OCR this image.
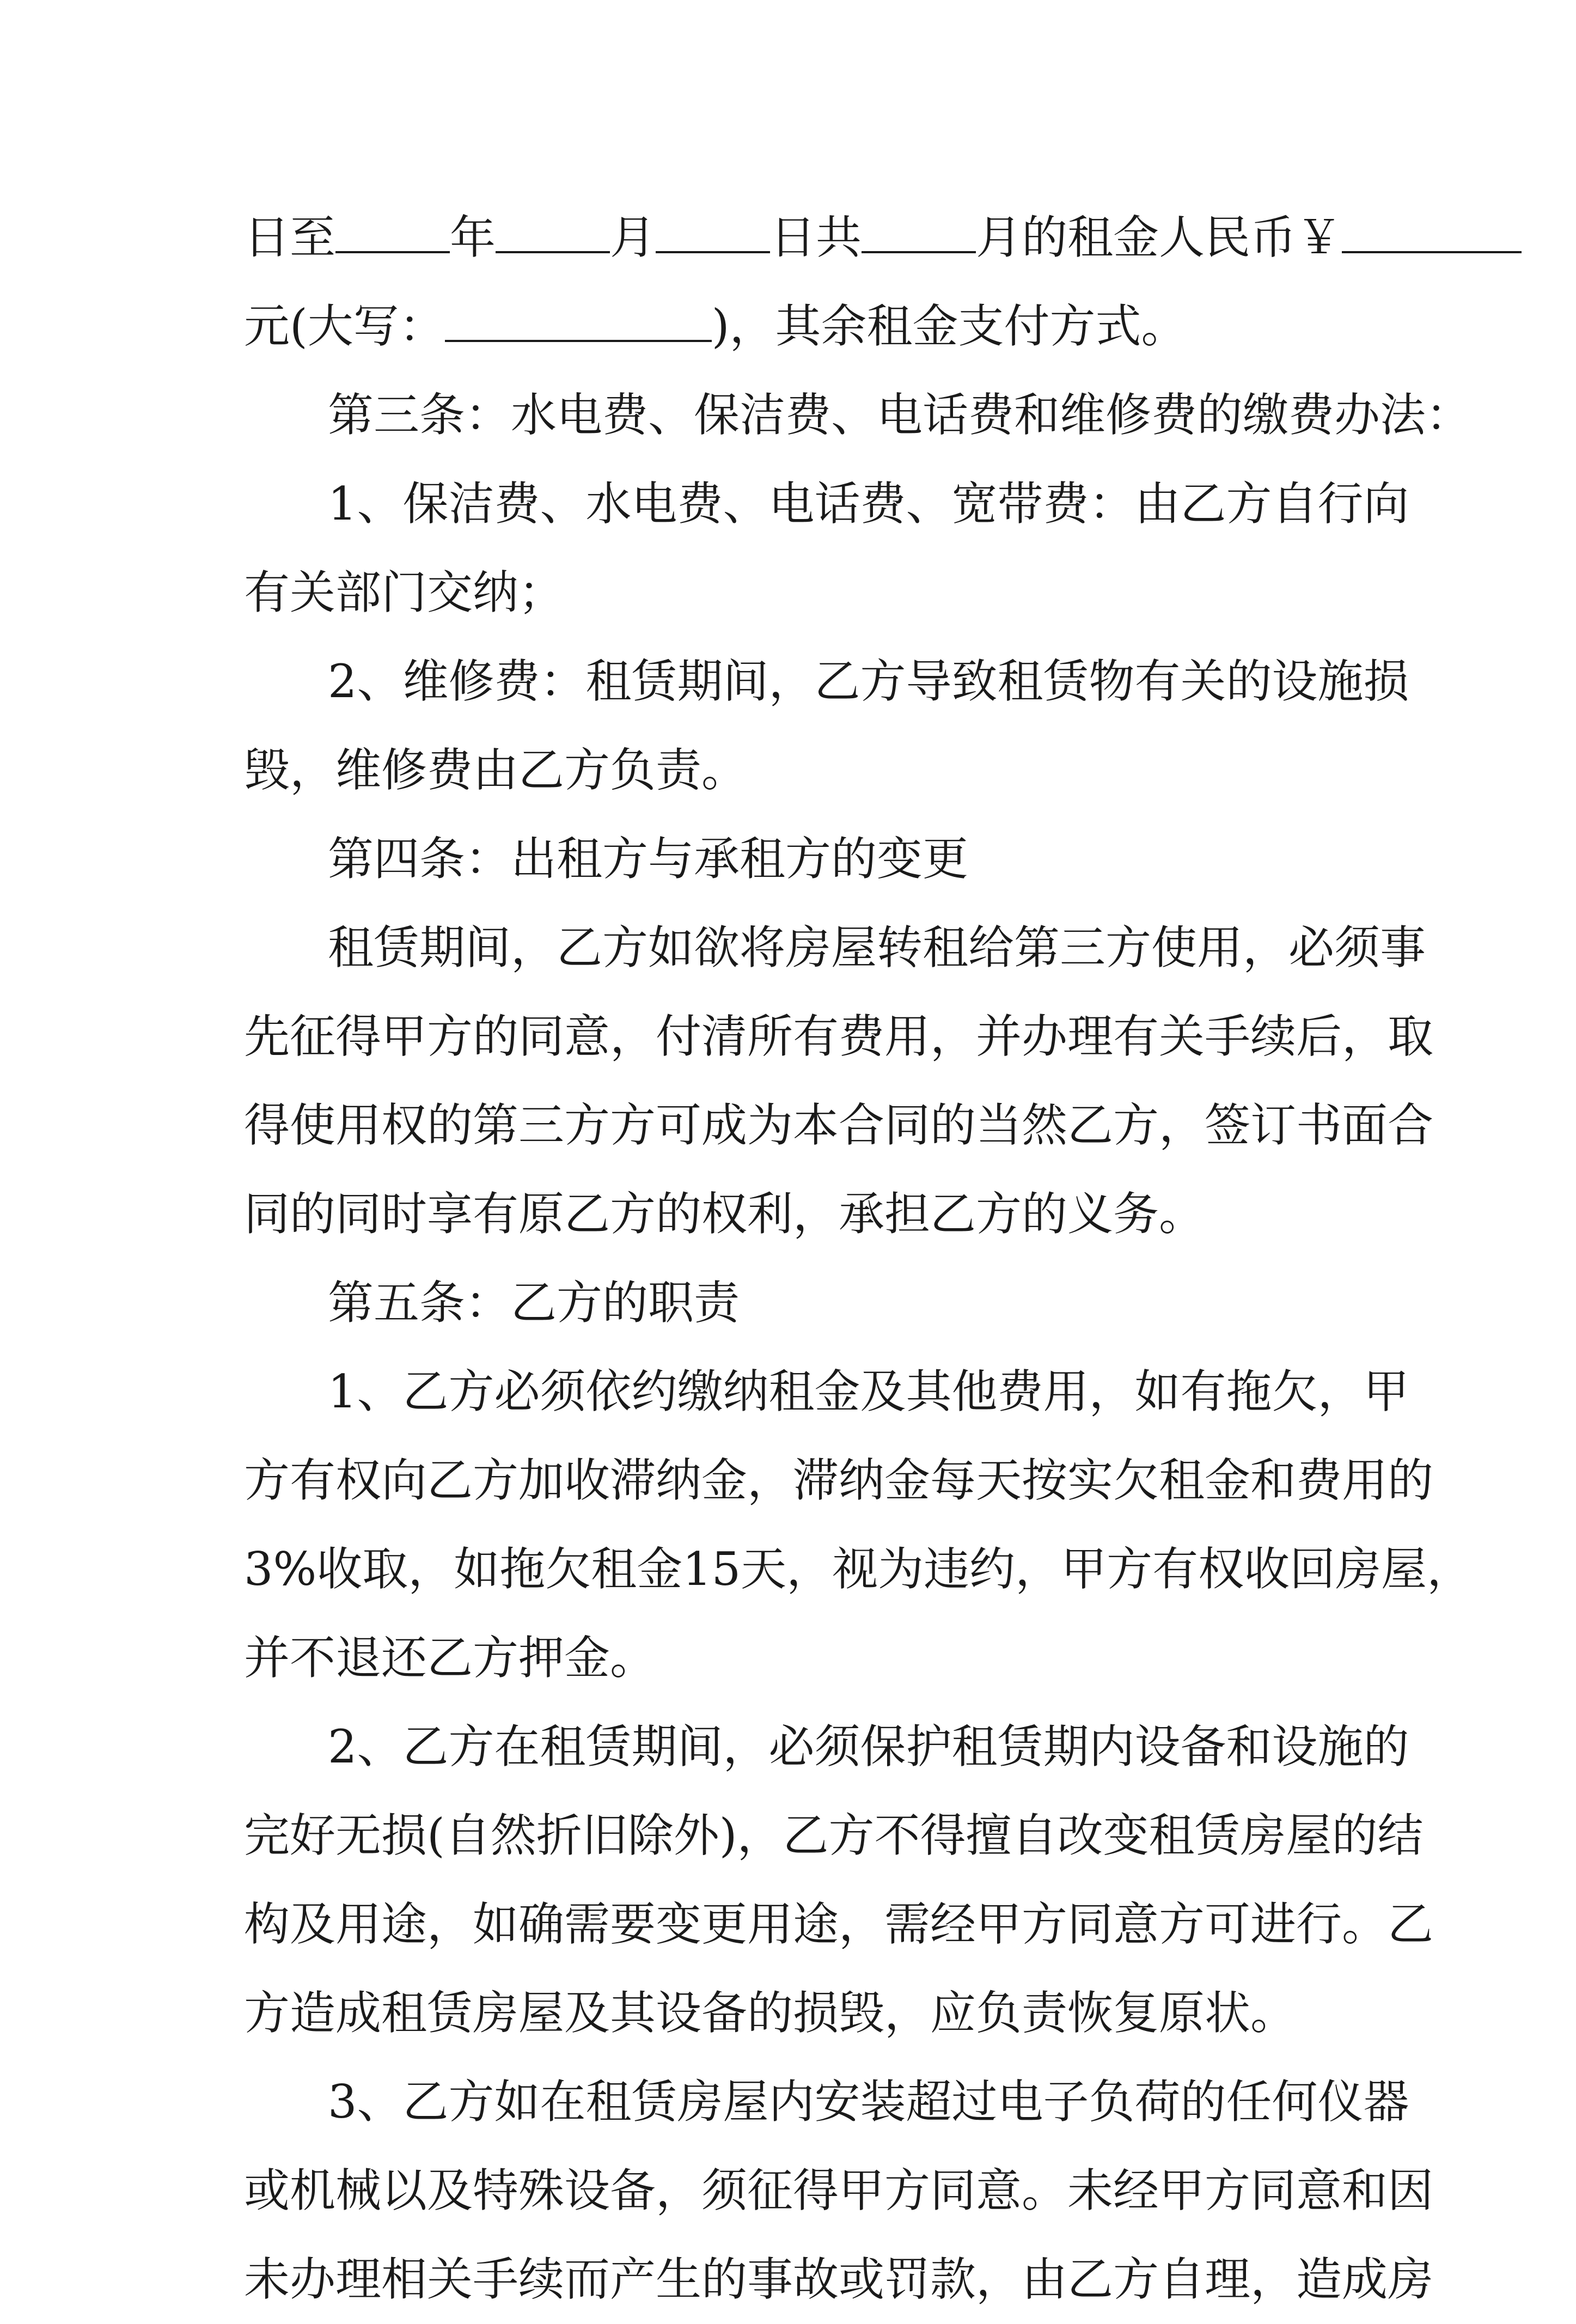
日至	年	月	日共	月的租金人民币￥
元(大写：	)，其余租金支付方式。
第三条：水电费、保洁费、电话费和维修费的缴费办法：
1、保洁费、水电费、电话费、宽带费：由乙方自行向
有关部门交纳；
2、维修费：租赁期间，乙方导致租赁物有关的设施损
毁，维修费由乙方负责。
第四条：出租方与承租方的变更
租赁期间，乙方如欲将房屋转租给第三方使用，必须事
先征得甲方的同意，付清所有费用，并办理有关手续后，取
得使用权的第三方方可成为本合同的当然乙方，签订书面合
同的同时享有原乙方的权利，承担乙方的义务。
第五条：乙方的职责
1、乙方必须依约缴纳租金及其他费用，如有拖欠，甲
方有权向乙方加收滞纳金，滞纳金每天按实欠租金和费用的
3%收取，如拖欠租金15天，视为违约，甲方有权收回房屋，
并不退还乙方押金。
2、乙方在租赁期间，必须保护租赁期内设备和设施的
完好无损(自然折旧除外)，乙方不得擅自改变租赁房屋的结
构及用途，如确需要变更用途，需经甲方同意方可进行。乙
方造成租赁房屋及其设备的损毁，应负责恢复原状。
3、乙方如在租赁房屋内安装超过电子负荷的任何仪器
或机械以及特殊设备，须征得甲方同意。未经甲方同意和因
未办理相关手续而产生的事故或罚款，由乙方自理，造成房
